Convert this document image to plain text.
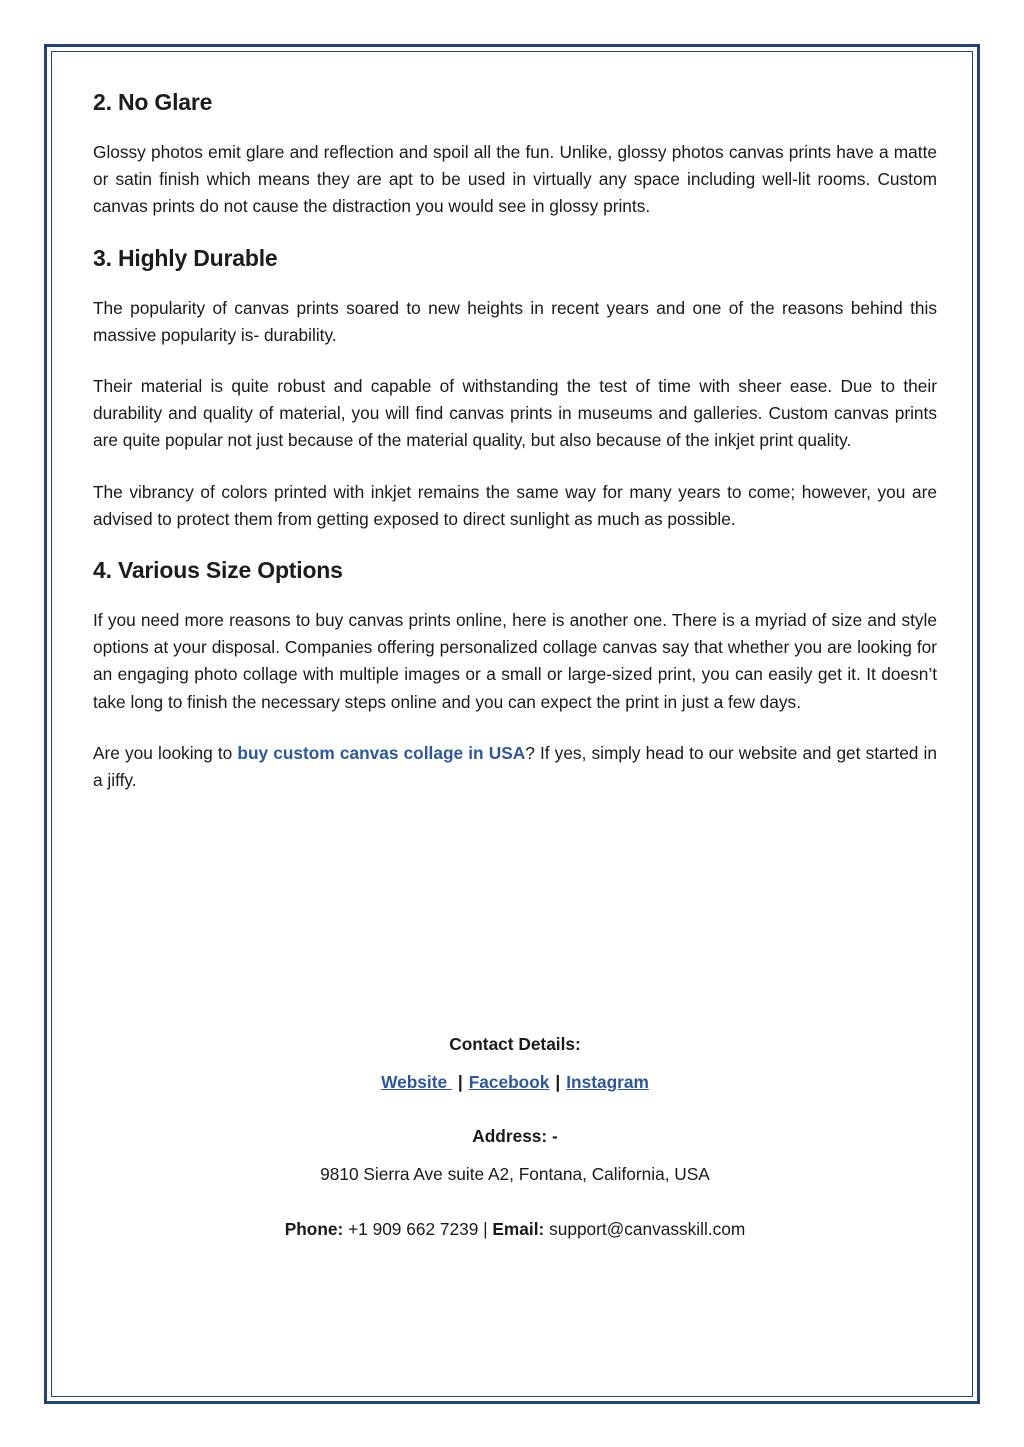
2. No Glare

Glossy photos emit glare and reflection and spoil all the fun. Unlike, glossy photos canvas prints have a matte or satin finish which means they are apt to be used in virtually any space including well-lit rooms. Custom canvas prints do not cause the distraction you would see in glossy prints.

3. Highly Durable

The popularity of canvas prints soared to new heights in recent years and one of the reasons behind this massive popularity is- durability.

Their material is quite robust and capable of withstanding the test of time with sheer ease. Due to their durability and quality of material, you will find canvas prints in museums and galleries. Custom canvas prints are quite popular not just because of the material quality, but also because of the inkjet print quality.

The vibrancy of colors printed with inkjet remains the same way for many years to come; however, you are advised to protect them from getting exposed to direct sunlight as much as possible.

4. Various Size Options

If you need more reasons to buy canvas prints online, here is another one. There is a myriad of size and style options at your disposal. Companies offering personalized collage canvas say that whether you are looking for an engaging photo collage with multiple images or a small or large-sized print, you can easily get it. It doesn’t take long to finish the necessary steps online and you can expect the print in just a few days.

Are you looking to buy custom canvas collage in USA? If yes, simply head to our website and get started in a jiffy.

Contact Details:
Website | Facebook | Instagram
Address: -
9810 Sierra Ave suite A2, Fontana, California, USA
Phone: +1 909 662 7239 | Email: support@canvasskill.com
